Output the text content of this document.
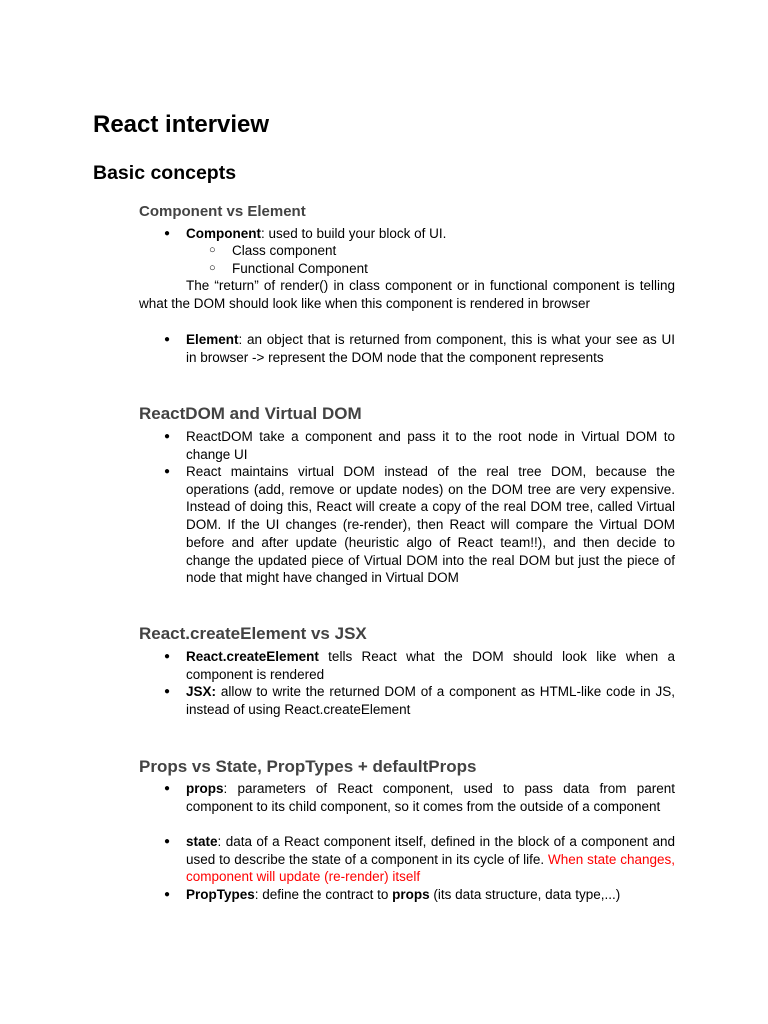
React interview
Basic concepts
Component vs Element
● Component: used to build your block of UI.
○ Class component
○ Functional Component
The “return” of render() in class component or in functional component is telling what the DOM should look like when this component is rendered in browser
● Element: an object that is returned from component, this is what your see as UI in browser -> represent the DOM node that the component represents
ReactDOM and Virtual DOM
● ReactDOM take a component and pass it to the root node in Virtual DOM to change UI
● React maintains virtual DOM instead of the real tree DOM, because the operations (add, remove or update nodes) on the DOM tree are very expensive. Instead of doing this, React will create a copy of the real DOM tree, called Virtual DOM. If the UI changes (re-render), then React will compare the Virtual DOM before and after update (heuristic algo of React team!!), and then decide to change the updated piece of Virtual DOM into the real DOM but just the piece of node that might have changed in Virtual DOM
React.createElement vs JSX
● React.createElement tells React what the DOM should look like when a component is rendered
● JSX: allow to write the returned DOM of a component as HTML-like code in JS, instead of using React.createElement
Props vs State, PropTypes + defaultProps
● props: parameters of React component, used to pass data from parent component to its child component, so it comes from the outside of a component
● state: data of a React component itself, defined in the block of a component and used to describe the state of a component in its cycle of life. When state changes, component will update (re-render) itself
● PropTypes: define the contract to props (its data structure, data type,...)
